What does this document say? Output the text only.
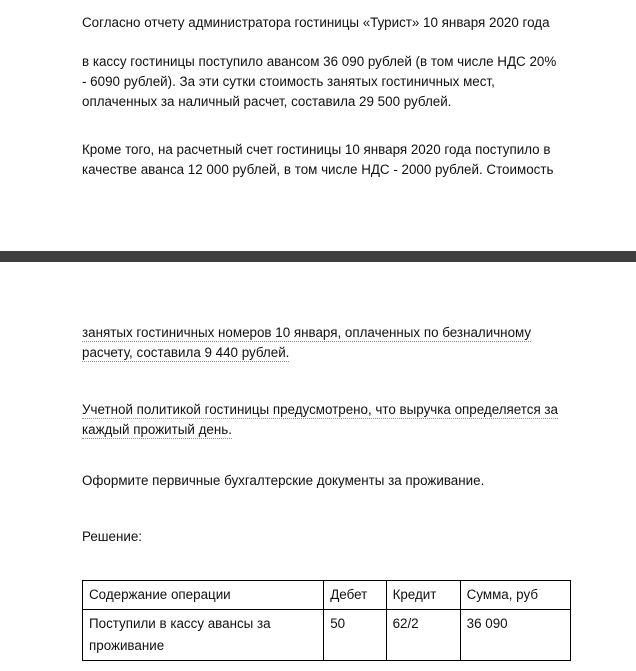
Согласно отчету администратора гостиницы «Турист» 10 января 2020 года

в кассу гостиницы поступило авансом 36 090 рублей (в том числе НДС 20%
- 6090 рублей). За эти сутки стоимость занятых гостиничных мест,
оплаченных за наличный расчет, составила 29 500 рублей.

Кроме того, на расчетный счет гостиницы 10 января 2020 года поступило в
качестве аванса 12 000 рублей, в том числе НДС - 2000 рублей. Стоимость

занятых гостиничных номеров 10 января, оплаченных по безналичному
расчету, составила 9 440 рублей.

Учетной политикой гостиницы предусмотрено, что выручка определяется за
каждый прожитый день.

Оформите первичные бухгалтерские документы за проживание.

Решение:

Содержание операции	Дебет	Кредит	Сумма, руб
Поступили в кассу авансы за проживание	50	62/2	36 090
